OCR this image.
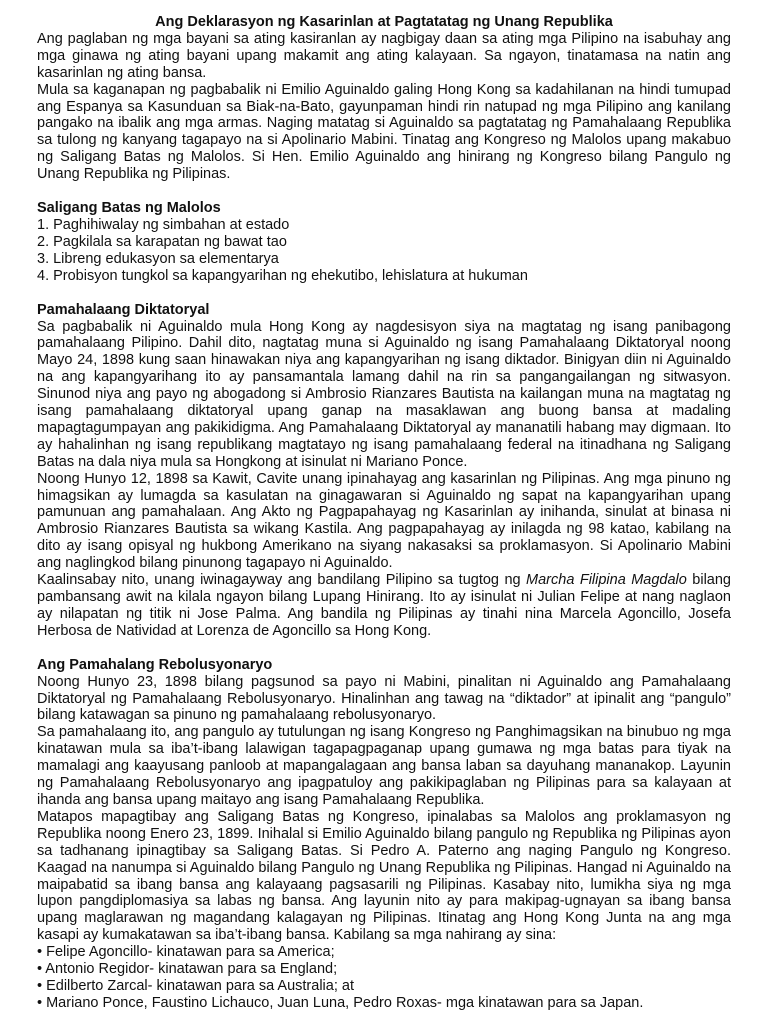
Ang Deklarasyon ng Kasarinlan at Pagtatatag ng Unang Republika

Ang paglaban ng mga bayani sa ating kasiranlan ay nagbigay daan sa ating mga Pilipino na isabuhay ang mga ginawa ng ating bayani upang makamit ang ating kalayaan. Sa ngayon, tinatamasa na natin ang kasarinlan ng ating bansa.

Mula sa kaganapan ng pagbabalik ni Emilio Aguinaldo galing Hong Kong sa kadahilanan na hindi tumupad ang Espanya sa Kasunduan sa Biak-na-Bato, gayunpaman hindi rin natupad ng mga Pilipino ang kanilang pangako na ibalik ang mga armas. Naging matatag si Aguinaldo sa pagtatatag ng Pamahalaang Republika sa tulong ng kanyang tagapayo na si Apolinario Mabini. Tinatag ang Kongreso ng Malolos upang makabuo ng Saligang Batas ng Malolos. Si Hen. Emilio Aguinaldo ang hinirang ng Kongreso bilang Pangulo ng Unang Republika ng Pilipinas.

Saligang Batas ng Malolos
1. Paghihiwalay ng simbahan at estado
2. Pagkilala sa karapatan ng bawat tao
3. Libreng edukasyon sa elementarya
4. Probisyon tungkol sa kapangyarihan ng ehekutibo, lehislatura at hukuman
Pamahalaang Diktatoryal

Sa pagbabalik ni Aguinaldo mula Hong Kong ay nagdesisyon siya na magtatag ng isang panibagong pamahalaang Pilipino. Dahil dito, nagtatag muna si Aguinaldo ng isang Pamahalaang Diktatoryal noong Mayo 24, 1898 kung saan hinawakan niya ang kapangyarihan ng isang diktador. Binigyan diin ni Aguinaldo na ang kapangyarihang ito ay pansamantala lamang dahil na rin sa pangangailangan ng sitwasyon. Sinunod niya ang payo ng abogadong si Ambrosio Rianzares Bautista na kailangan muna na magtatag ng isang pamahalaang diktatoryal upang ganap na masaklawan ang buong bansa at madaling mapagtagumpayan ang pakikidigma. Ang Pamahalaang Diktatoryal ay mananatili habang may digmaan. Ito ay hahalinhan ng isang republikang magtatayo ng isang pamahalaang federal na itinadhana ng Saligang Batas na dala niya mula sa Hongkong at isinulat ni Mariano Ponce.

Noong Hunyo 12, 1898 sa Kawit, Cavite unang ipinahayag ang kasarinlan ng Pilipinas. Ang mga pinuno ng himagsikan ay lumagda sa kasulatan na ginagawaran si Aguinaldo ng sapat na kapangyarihan upang pamunuan ang pamahalaan. Ang Akto ng Pagpapahayag ng Kasarinlan ay inihanda, sinulat at binasa ni Ambrosio Rianzares Bautista sa wikang Kastila. Ang pagpapahayag ay inilagda ng 98 katao, kabilang na dito ay isang opisyal ng hukbong Amerikano na siyang nakasaksi sa proklamasyon. Si Apolinario Mabini ang naglingkod bilang pinunong tagapayo ni Aguinaldo.

Kaalinsabay nito, unang iwinagayway ang bandilang Pilipino sa tugtog ng Marcha Filipina Magdalo bilang pambansang awit na kilala ngayon bilang Lupang Hinirang. Ito ay isinulat ni Julian Felipe at nang naglaon ay nilapatan ng titik ni Jose Palma. Ang bandila ng Pilipinas ay tinahi nina Marcela Agoncillo, Josefa Herbosa de Natividad at Lorenza de Agoncillo sa Hong Kong.

Ang Pamahalang Rebolusyonaryo

Noong Hunyo 23, 1898 bilang pagsunod sa payo ni Mabini, pinalitan ni Aguinaldo ang Pamahalaang Diktatoryal ng Pamahalaang Rebolusyonaryo. Hinalinhan ang tawag na “diktador” at ipinalit ang “pangulo” bilang katawagan sa pinuno ng pamahalaang rebolusyonaryo.

Sa pamahalaang ito, ang pangulo ay tutulungan ng isang Kongreso ng Panghimagsikan na binubuo ng mga kinatawan mula sa iba’t-ibang lalawigan tagapagpaganap upang gumawa ng mga batas para tiyak na mamalagi ang kaayusang panloob at mapangalagaan ang bansa laban sa dayuhang mananakop. Layunin ng Pamahalaang Rebolusyonaryo ang ipagpatuloy ang pakikipaglaban ng Pilipinas para sa kalayaan at ihanda ang bansa upang maitayo ang isang Pamahalaang Republika.

Matapos mapagtibay ang Saligang Batas ng Kongreso, ipinalabas sa Malolos ang proklamasyon ng Republika noong Enero 23, 1899. Inihalal si Emilio Aguinaldo bilang pangulo ng Republika ng Pilipinas ayon sa tadhanang ipinagtibay sa Saligang Batas. Si Pedro A. Paterno ang naging Pangulo ng Kongreso. Kaagad na nanumpa si Aguinaldo bilang Pangulo ng Unang Republika ng Pilipinas. Hangad ni Aguinaldo na maipabatid sa ibang bansa ang kalayaang pagsasarili ng Pilipinas. Kasabay nito, lumikha siya ng mga lupon pangdiplomasiya sa labas ng bansa. Ang layunin nito ay para makipag-ugnayan sa ibang bansa upang maglarawan ng magandang kalagayan ng Pilipinas. Itinatag ang Hong Kong Junta na ang mga kasapi ay kumakatawan sa iba’t-ibang bansa. Kabilang sa mga nahirang ay sina:

• Felipe Agoncillo- kinatawan para sa America;
• Antonio Regidor- kinatawan para sa England;
• Edilberto Zarcal- kinatawan para sa Australia; at
• Mariano Ponce, Faustino Lichauco, Juan Luna, Pedro Roxas- mga kinatawan para sa Japan.
